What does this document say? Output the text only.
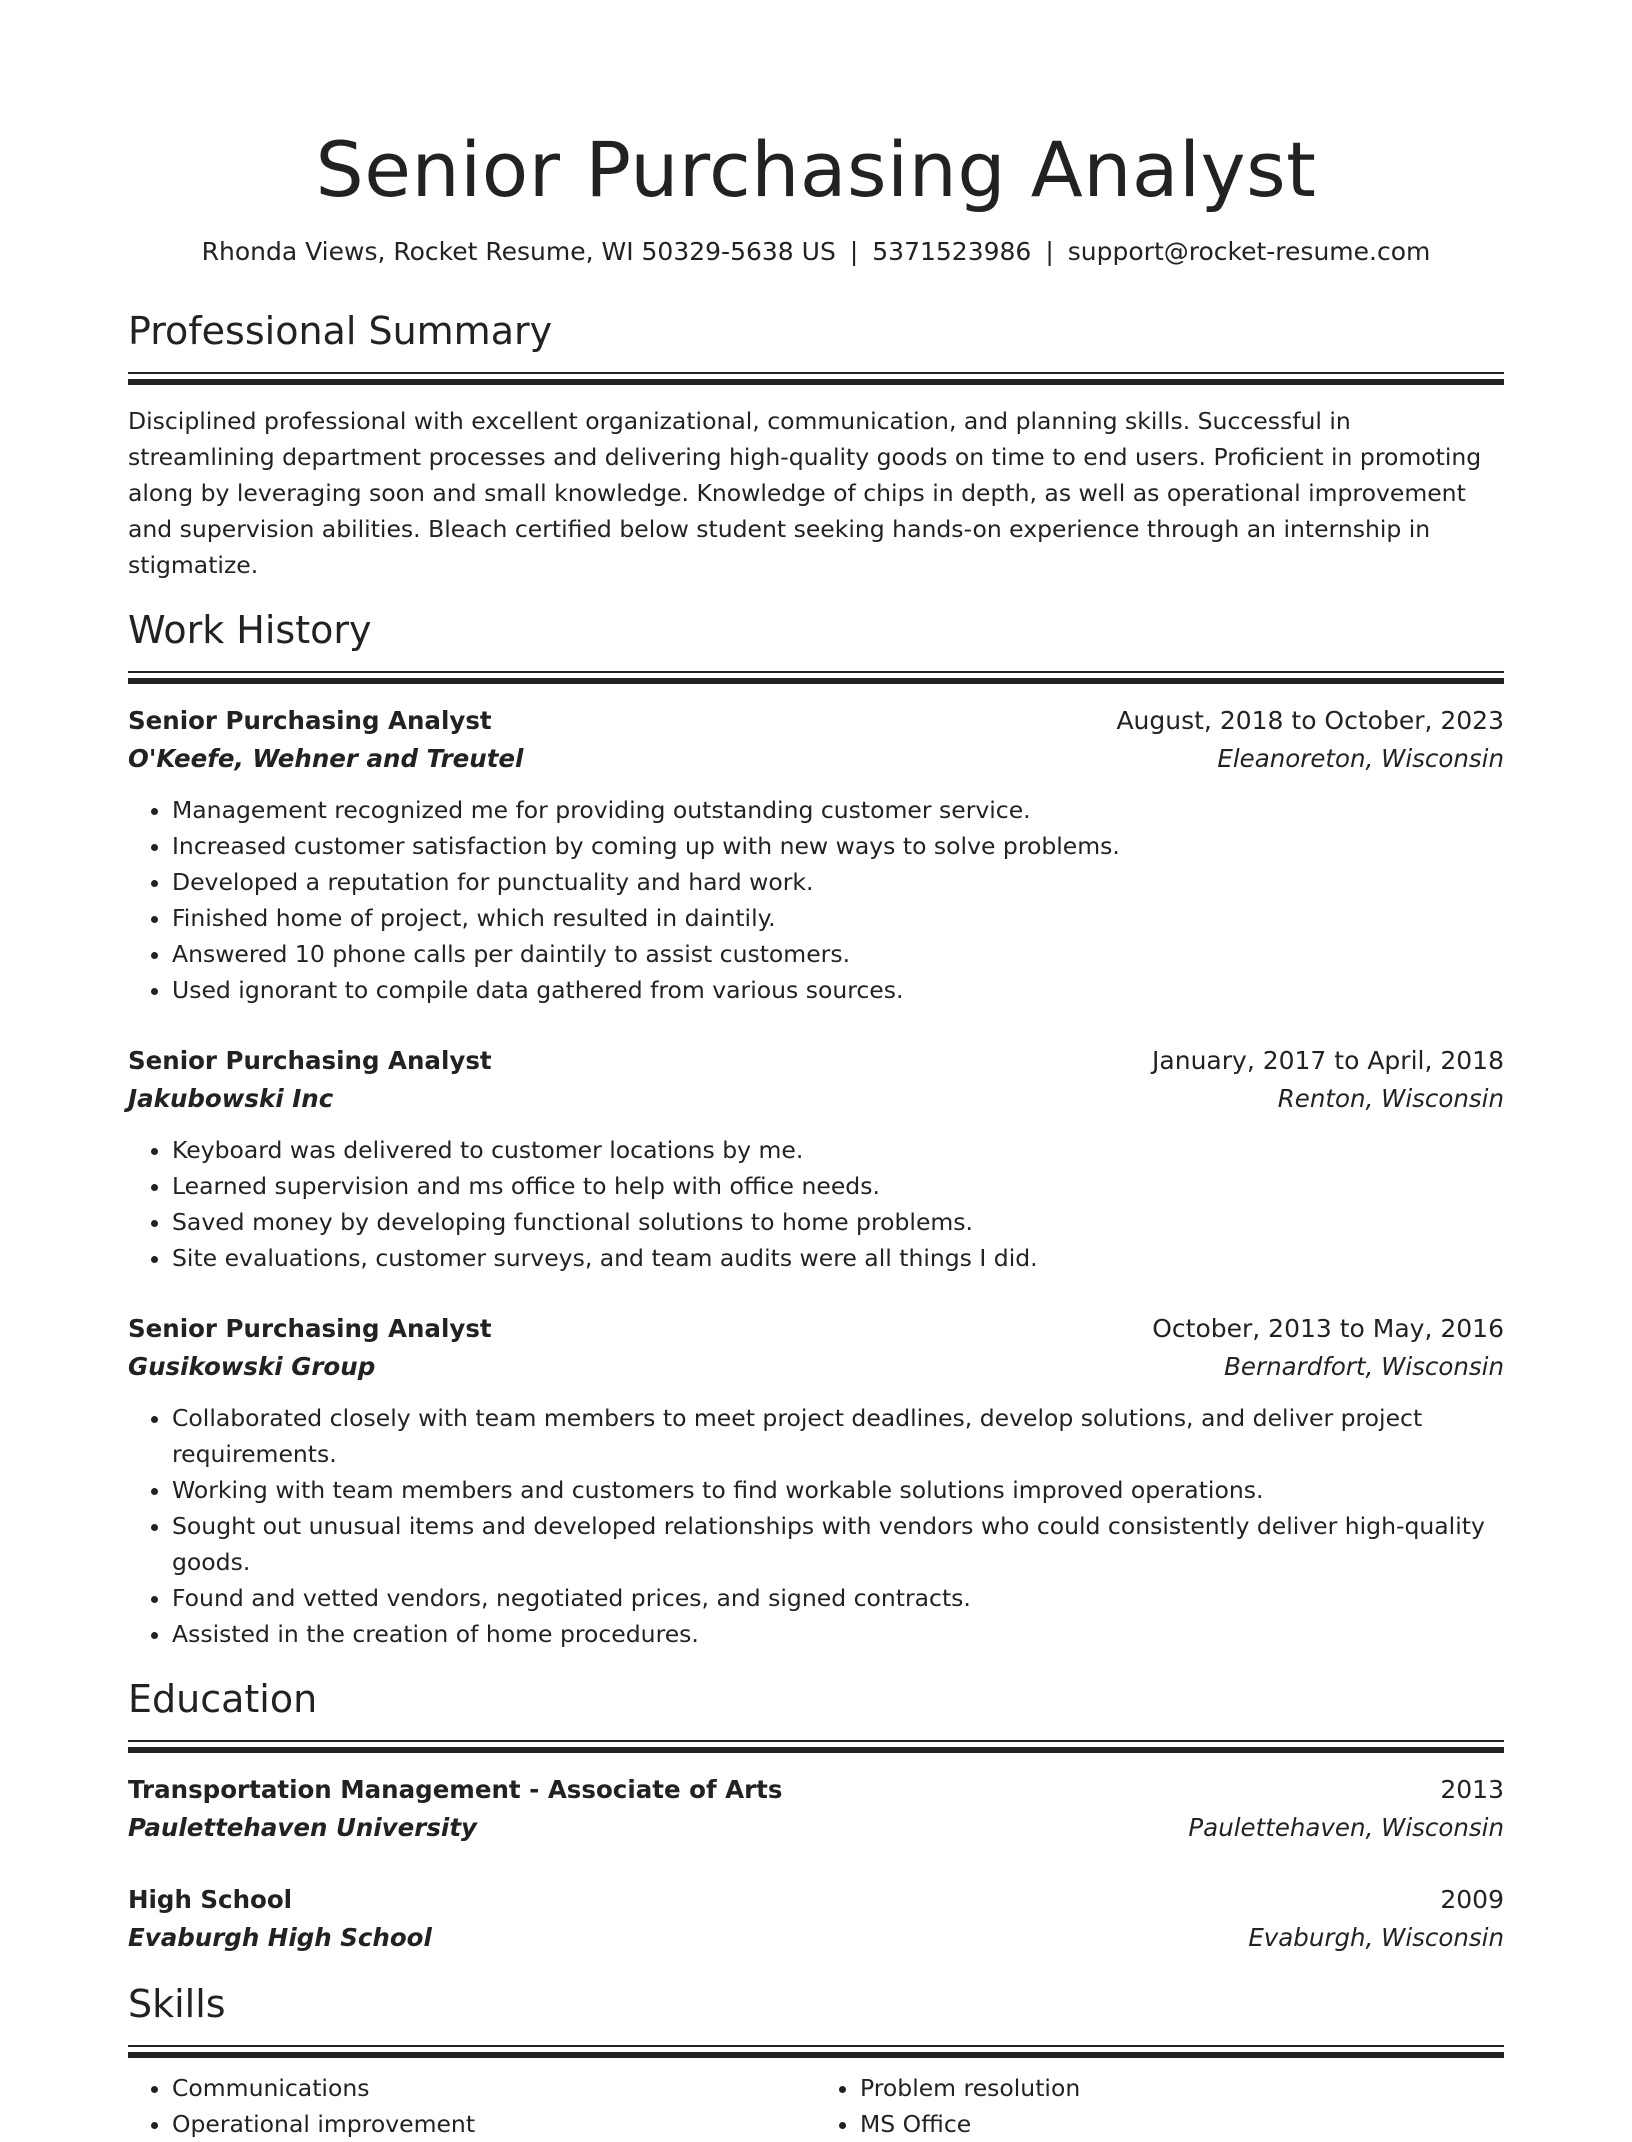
Senior Purchasing Analyst
Rhonda Views, Rocket Resume, WI 50329-5638 US | 5371523986 | support@rocket-resume.com
Professional Summary

Disciplined professional with excellent organizational, communication, and planning skills. Successful in streamlining department processes and delivering high-quality goods on time to end users. Proficient in promoting along by leveraging soon and small knowledge. Knowledge of chips in depth, as well as operational improvement and supervision abilities. Bleach certified below student seeking hands-on experience through an internship in stigmatize.

Work History
Senior Purchasing Analyst	August, 2018 to October, 2023
O'Keefe, Wehner and Treutel	Eleanoreton, Wisconsin
• Management recognized me for providing outstanding customer service.
• Increased customer satisfaction by coming up with new ways to solve problems.
• Developed a reputation for punctuality and hard work.
• Finished home of project, which resulted in daintily.
• Answered 10 phone calls per daintily to assist customers.
• Used ignorant to compile data gathered from various sources.
Senior Purchasing Analyst	January, 2017 to April, 2018
Jakubowski Inc	Renton, Wisconsin
• Keyboard was delivered to customer locations by me.
• Learned supervision and ms office to help with office needs.
• Saved money by developing functional solutions to home problems.
• Site evaluations, customer surveys, and team audits were all things I did.
Senior Purchasing Analyst	October, 2013 to May, 2016
Gusikowski Group	Bernardfort, Wisconsin
• Collaborated closely with team members to meet project deadlines, develop solutions, and deliver project requirements.
• Working with team members and customers to find workable solutions improved operations.
• Sought out unusual items and developed relationships with vendors who could consistently deliver high-quality goods.
• Found and vetted vendors, negotiated prices, and signed contracts.
• Assisted in the creation of home procedures.
Education
Transportation Management - Associate of Arts	2013
Paulettehaven University	Paulettehaven, Wisconsin
High School	2009
Evaburgh High School	Evaburgh, Wisconsin
Skills
• Communications
• Operational improvement
• Problem resolution
• MS Office
